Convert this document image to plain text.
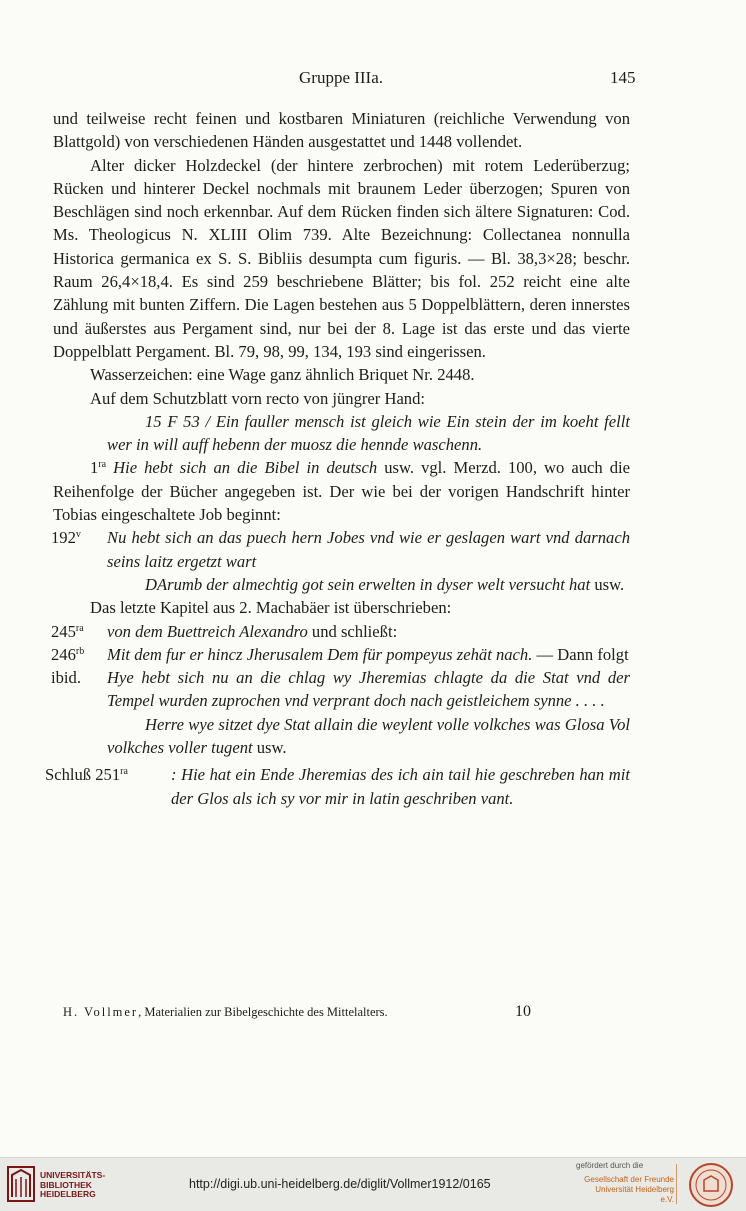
Gruppe IIIa.	145

und teilweise recht feinen und kostbaren Miniaturen (reichliche Verwendung von Blattgold) von verschiedenen Händen ausgestattet und 1448 vollendet.

Alter dicker Holzdeckel (der hintere zerbrochen) mit rotem Lederüberzug; Rücken und hinterer Deckel nochmals mit braunem Leder überzogen; Spuren von Beschlägen sind noch erkennbar. Auf dem Rücken finden sich ältere Signaturen: Cod. Ms. Theologicus N. XLIII Olim 739. Alte Bezeichnung: Collectanea nonnulla Historica germanica ex S. S. Bibliis desumpta cum figuris. — Bl. 38,3×28; beschr. Raum 26,4×18,4. Es sind 259 beschriebene Blätter; bis fol. 252 reicht eine alte Zählung mit bunten Ziffern. Die Lagen bestehen aus 5 Doppelblättern, deren innerstes und äußerstes aus Pergament sind, nur bei der 8. Lage ist das erste und das vierte Doppelblatt Pergament. Bl. 79, 98, 99, 134, 193 sind eingerissen.

Wasserzeichen: eine Wage ganz ähnlich Briquet Nr. 2448.

Auf dem Schutzblatt vorn recto von jüngrer Hand:

15 F 53 / Ein fauller mensch ist gleich wie Ein stein der im koeht fellt wer in will auff hebenn der muosz die hennde waschenn.

$1^{ra}$ Hie hebt sich an die Bibel in deutsch usw. vgl. Merzd. 100, wo auch die Reihenfolge der Bücher angegeben ist. Der wie bei der vorigen Handschrift hinter Tobias eingeschaltete Job beginnt:

192$^v$ Nu hebt sich an das puech hern Jobes vnd wie er geslagen wart vnd darnach seins laitz ergetzt wart

DArumb der almechtig got sein erwelten in dyser welt versucht hat usw.

Das letzte Kapitel aus 2. Machabäer ist überschrieben:

$245^{ra}$ von dem Buettreich Alexandro und schließt:

$246^{rb}$ Mit dem fur er hincz Jherusalem Dem für pompeyus zehät nach. — Dann folgt

ibid. Hye hebt sich nu an die chlag wy Jheremias chlagte da die Stat vnd der Tempel wurden zuprochen vnd verprant doch nach geistleichem synne . . . .

Herre wye sitzet dye Stat allain die weylent volle volkches was Glosa Vol volkches voller tugent usw.

Schluß $251^{ra}$	: Hie hat ein Ende Jheremias des ich ain tail hie geschreben han mit der Glos als ich sy vor mir in latin geschriben vant.

H. Vollmer, Materialien zur Bibelgeschichte des Mittelalters.	10
UNIVERSITÄTS-
BIBLIOTHEK
HEIDELBERG
http://digi.ub.uni-heidelberg.de/diglit/Vollmer1912/0165
gefördert durch die
Gesellschaft der Freunde
Universität Heidelberg e.V.
